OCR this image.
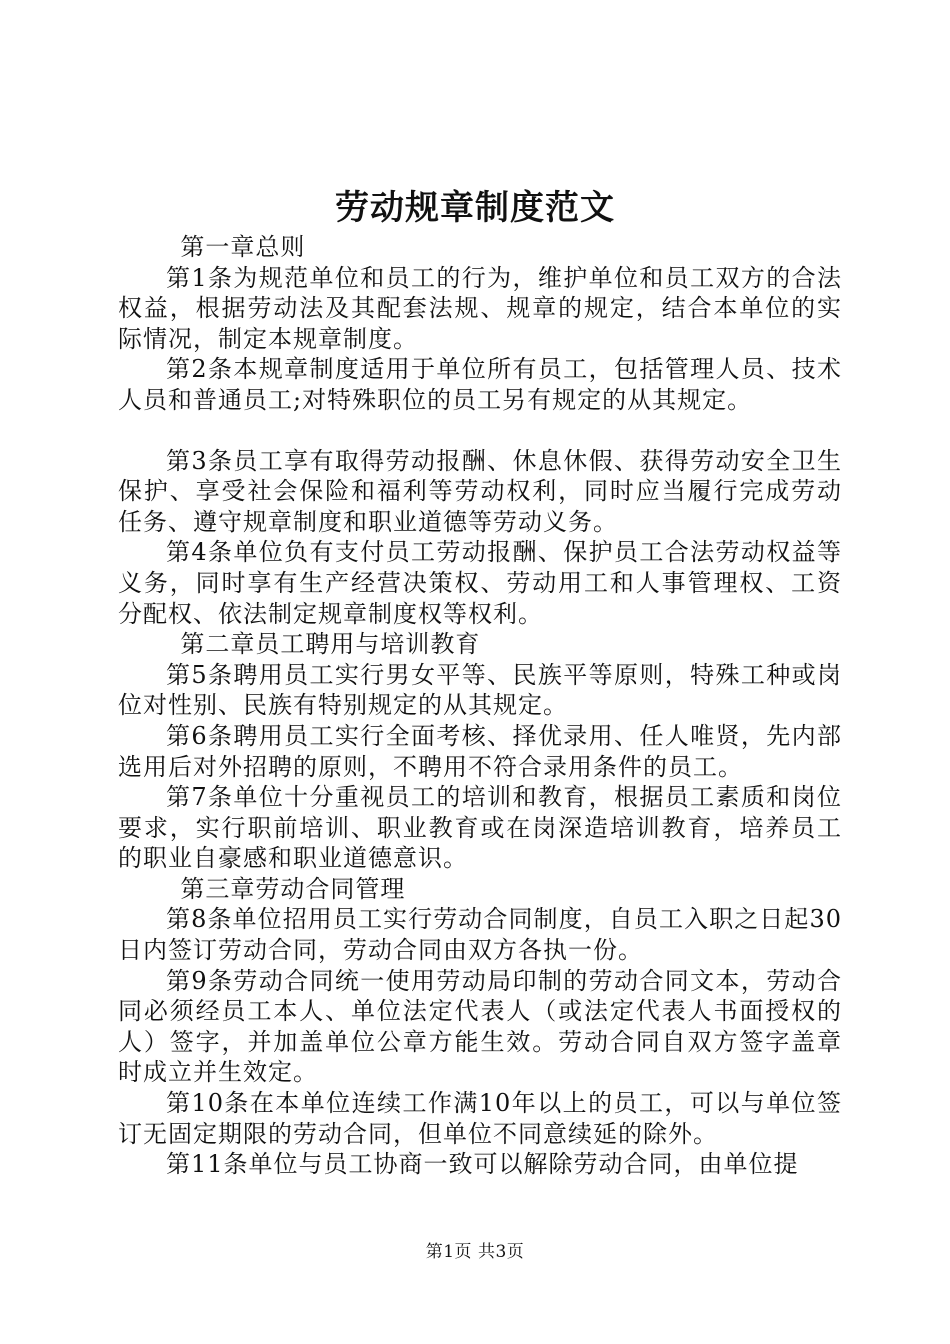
劳动规章制度范文

第一章总则

第1条为规范单位和员工的行为，维护单位和员工双方的合法权益，根据劳动法及其配套法规、规章的规定，结合本单位的实际情况，制定本规章制度。

第2条本规章制度适用于单位所有员工，包括管理人员、技术人员和普通员工;对特殊职位的员工另有规定的从其规定。

第3条员工享有取得劳动报酬、休息休假、获得劳动安全卫生保护、享受社会保险和福利等劳动权利，同时应当履行完成劳动任务、遵守规章制度和职业道德等劳动义务。

第4条单位负有支付员工劳动报酬、保护员工合法劳动权益等义务，同时享有生产经营决策权、劳动用工和人事管理权、工资分配权、依法制定规章制度权等权利。

第二章员工聘用与培训教育

第5条聘用员工实行男女平等、民族平等原则，特殊工种或岗位对性别、民族有特别规定的从其规定。

第6条聘用员工实行全面考核、择优录用、任人唯贤，先内部选用后对外招聘的原则，不聘用不符合录用条件的员工。

第7条单位十分重视员工的培训和教育，根据员工素质和岗位要求，实行职前培训、职业教育或在岗深造培训教育，培养员工的职业自豪感和职业道德意识。

第三章劳动合同管理

第8条单位招用员工实行劳动合同制度，自员工入职之日起30日内签订劳动合同，劳动合同由双方各执一份。

第9条劳动合同统一使用劳动局印制的劳动合同文本，劳动合同必须经员工本人、单位法定代表人（或法定代表人书面授权的人）签字，并加盖单位公章方能生效。劳动合同自双方签字盖章时成立并生效定。

第10条在本单位连续工作满10年以上的员工，可以与单位签订无固定期限的劳动合同，但单位不同意续延的除外。

第11条单位与员工协商一致可以解除劳动合同，由单位提

第1页 共3页
